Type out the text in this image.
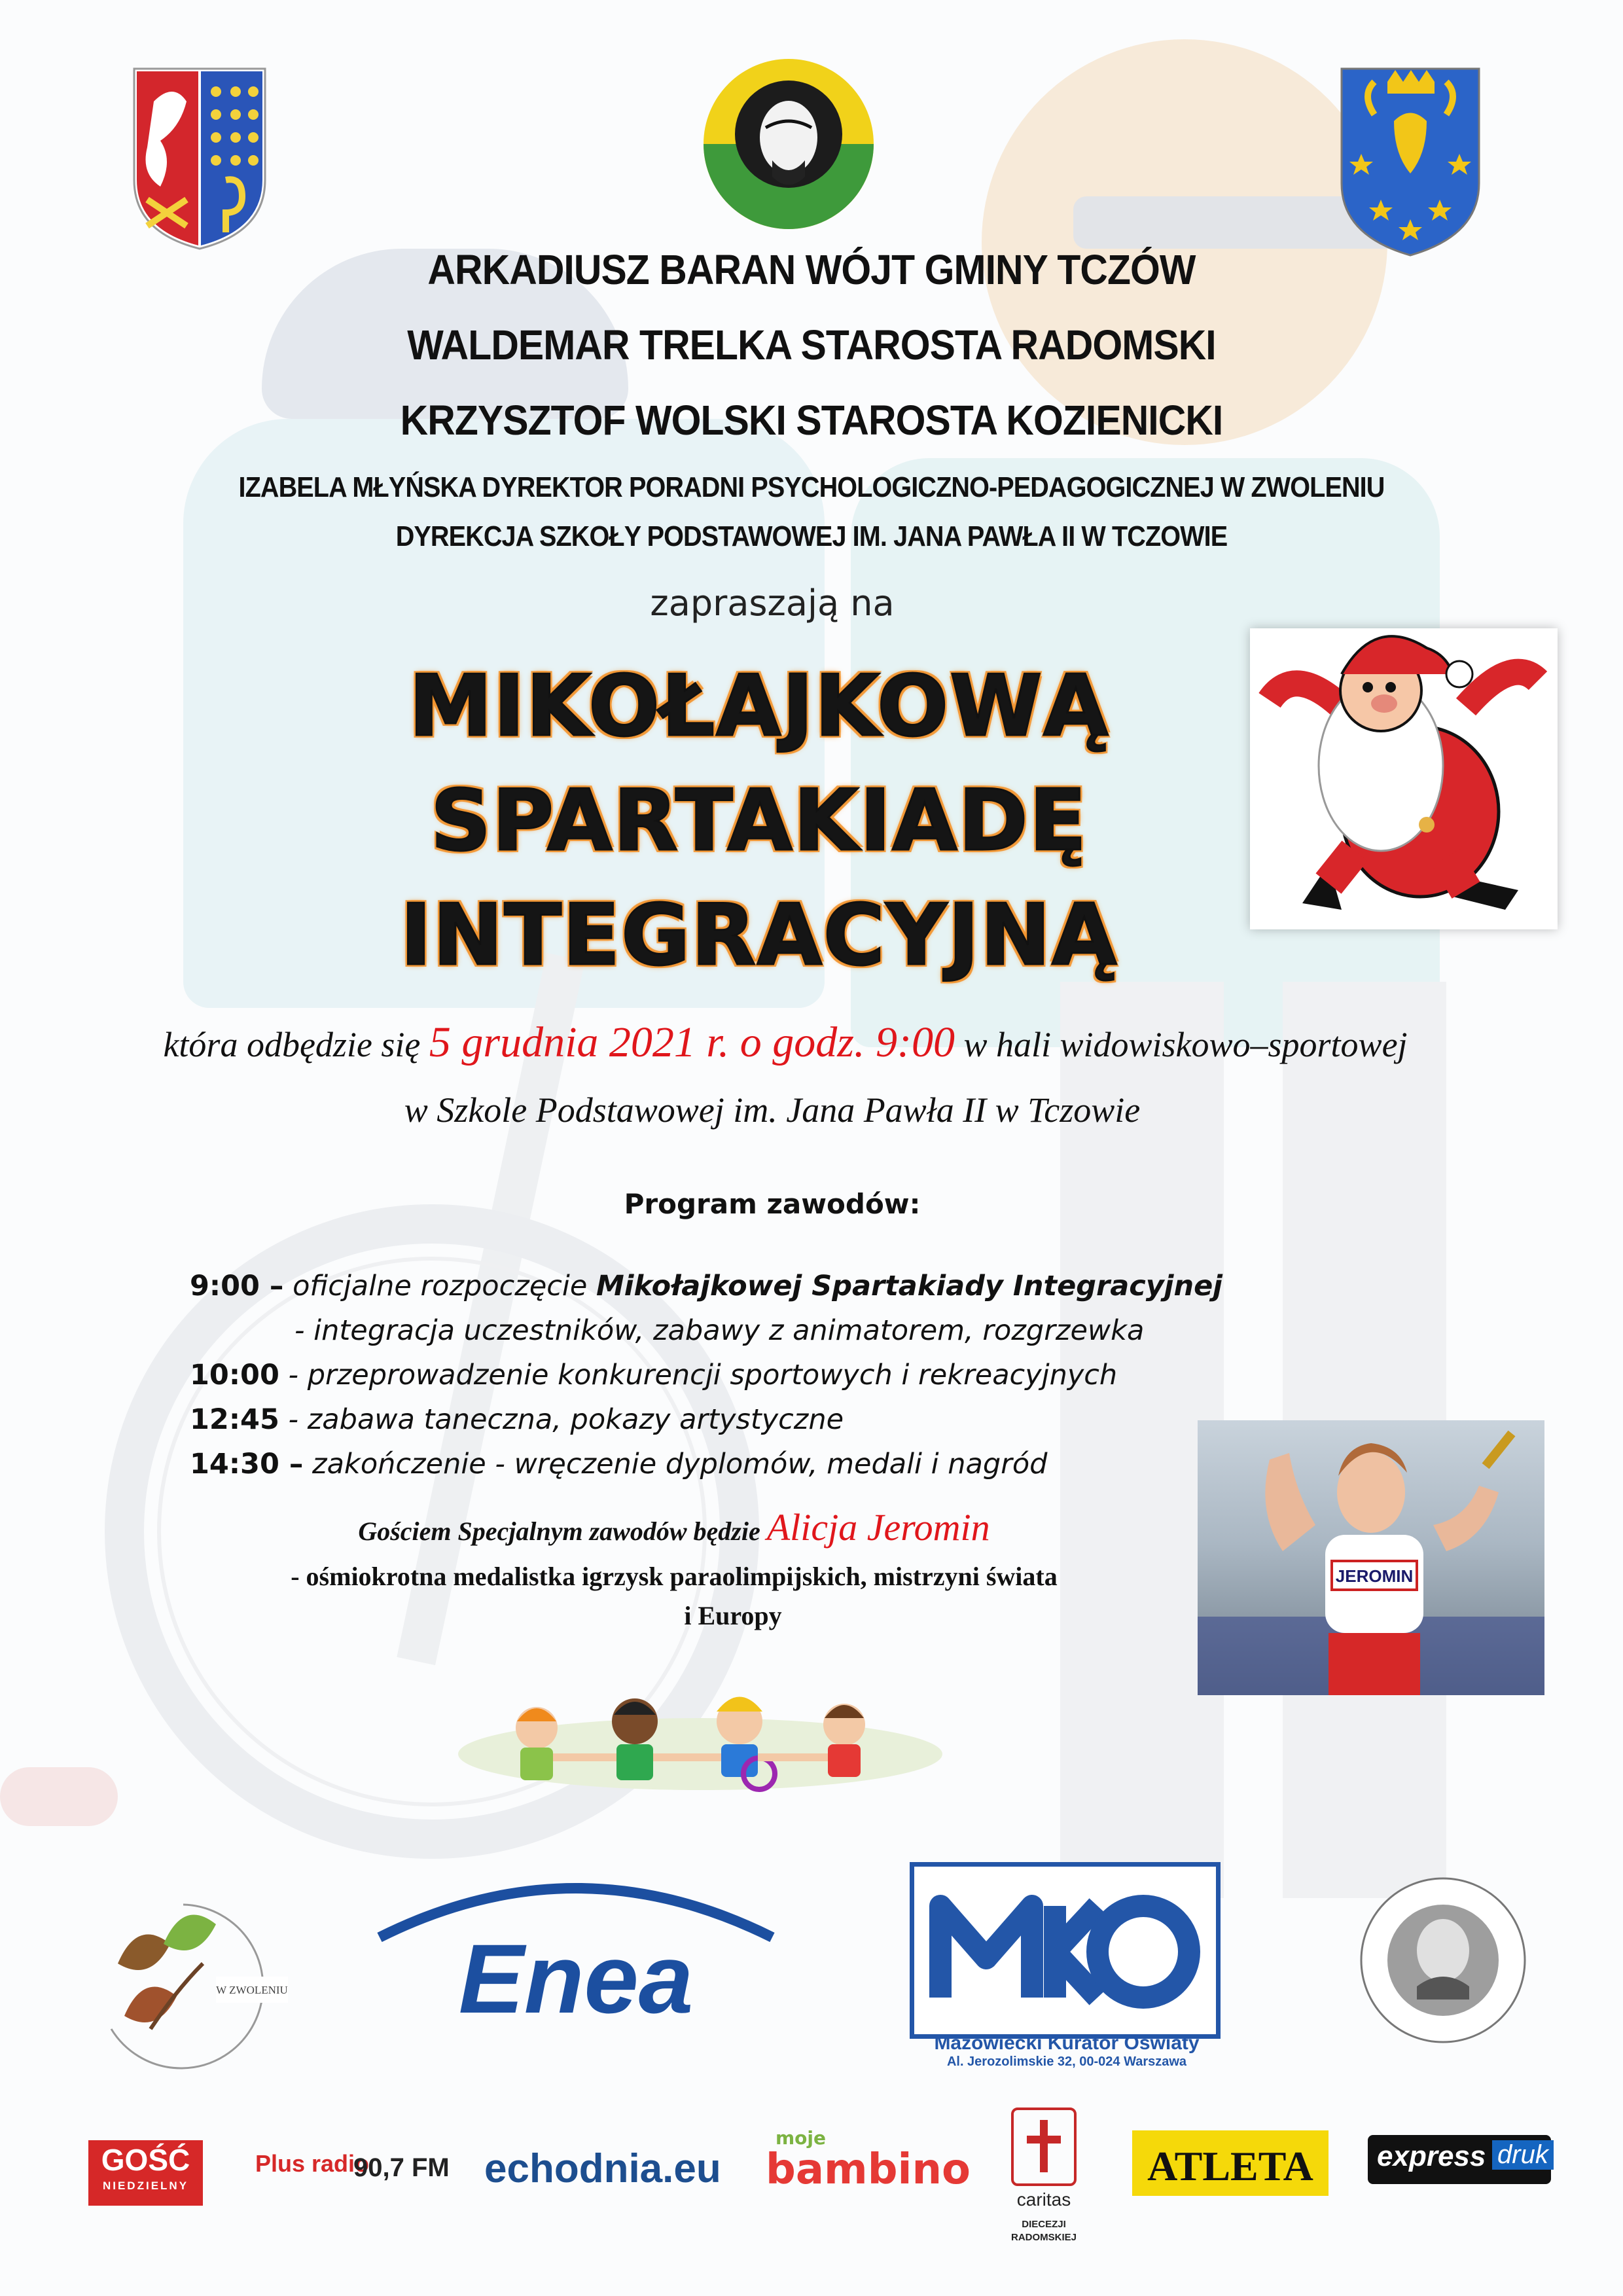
ARKADIUSZ BARAN WÓJT GMINY TCZÓW
WALDEMAR TRELKA STAROSTA RADOMSKI
KRZYSZTOF WOLSKI STAROSTA KOZIENICKI
IZABELA MŁYŃSKA DYREKTOR PORADNI PSYCHOLOGICZNO-PEDAGOGICZNEJ W ZWOLENIU
DYREKCJA SZKOŁY PODSTAWOWEJ IM. JANA PAWŁA II W TCZOWIE
zapraszają na
MIKOŁAJKOWĄ
SPARTAKIADĘ
INTEGRACYJNĄ
która odbędzie się 5 grudnia 2021 r. o godz. 9:00 w hali widowiskowo–sportowej
w Szkole Podstawowej im. Jana Pawła II w Tczowie
Program zawodów:
9:00 – oficjalne rozpoczęcie Mikołajkowej Spartakiady Integracyjnej
- integracja uczestników, zabawy z animatorem, rozgrzewka
10:00 - przeprowadzenie konkurencji sportowych i rekreacyjnych
12:45 - zabawa taneczna, pokazy artystyczne
14:30 – zakończenie - wręczenie dyplomów, medali i nagród
Gościem Specjalnym zawodów będzie Alicja Jeromin
- ośmiokrotna medalistka igrzysk paraolimpijskich, mistrzyni świata
i Europy
JEROMIN
W ZWOLENIU Enea
Mazowiecki Kurator Oświaty
Al. Jerozolimskie 32, 00-024 Warszawa
GOŚĆ
NIEDZIELNY
Plus radio
90,7 FM echodnia.eu
moje
bambino
caritas
DIECEZJI
RADOMSKIEJ
ATLETA	express druk
